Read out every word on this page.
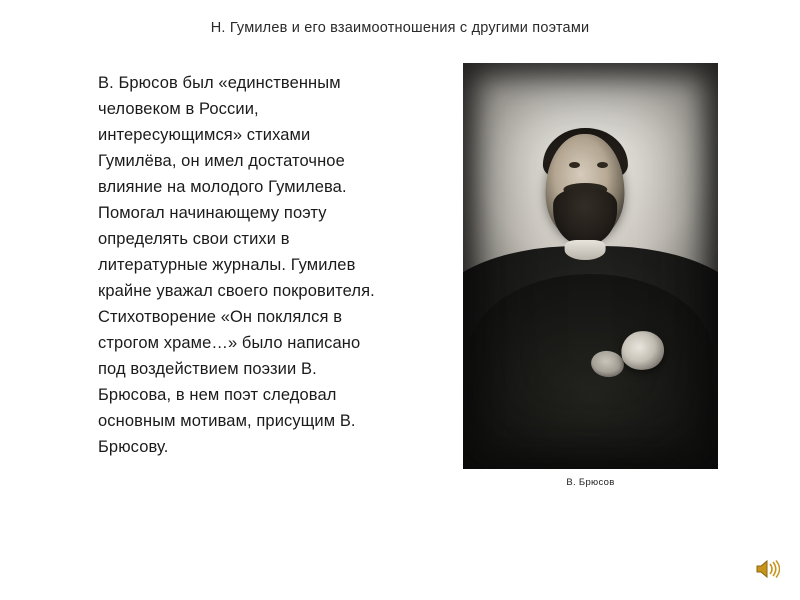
Н. Гумилев и его взаимоотношения с другими поэтами
В. Брюсов был «единственным человеком в России, интересующимся» стихами Гумилёва, он имел достаточное влияние на молодого Гумилева. Помогал начинающему поэту определять свои стихи в литературные журналы. Гумилев крайне уважал своего покровителя. Стихотворение «Он поклялся в строгом храме…» было написано под воздействием поэзии В. Брюсова, в нем поэт следовал основным мотивам, присущим В. Брюсову.
В. Брюсов
